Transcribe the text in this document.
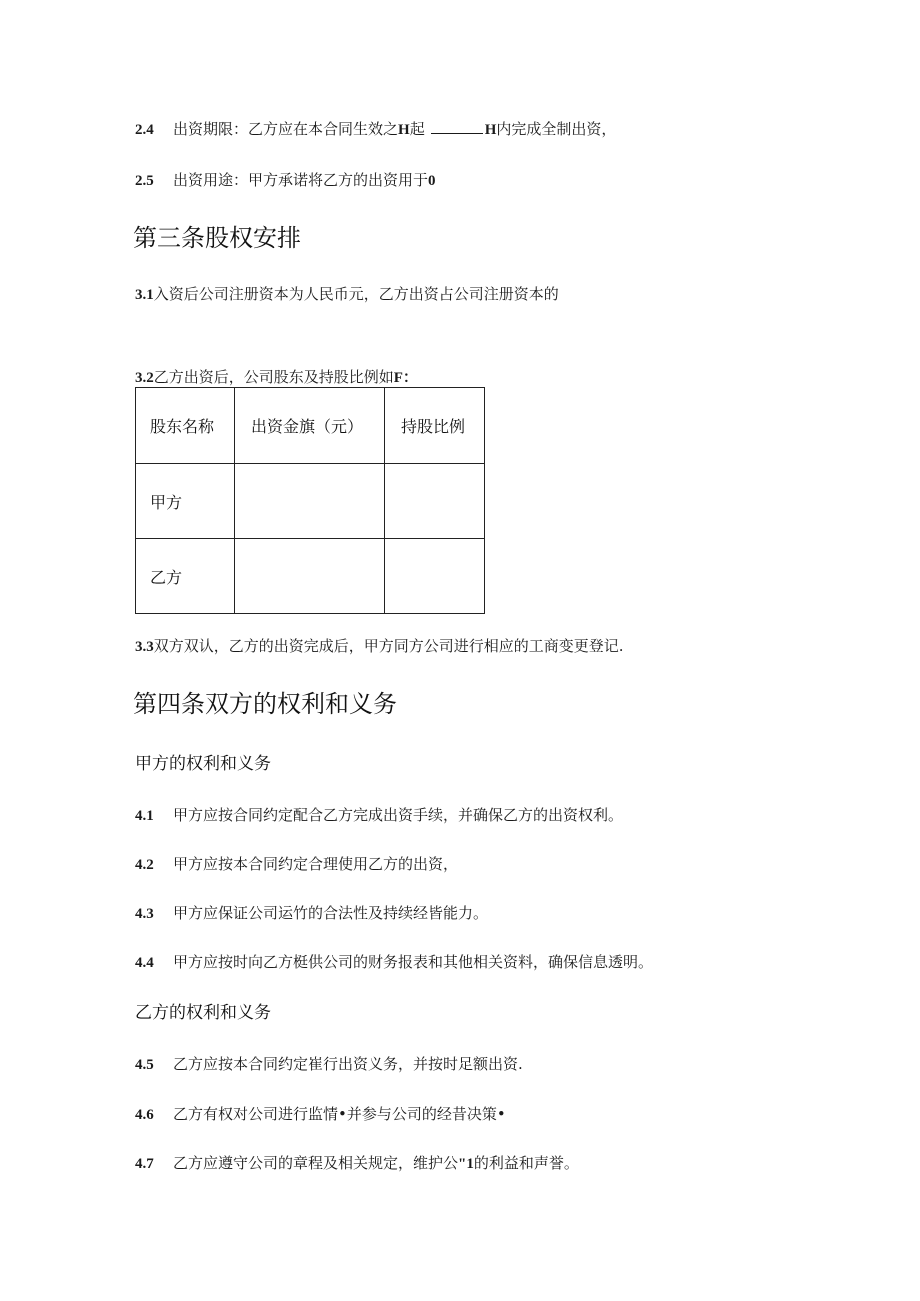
2.4 出资期限：乙方应在本合同生效之H起	H内完成全制出资，
2.5 出资用途：甲方承诺将乙方的出资用于0
第三条股权安排
3.1入资后公司注册资本为人民币元，乙方出资占公司注册资本的
3.2乙方出资后，公司股东及持股比例如F：
股东名称	出资金旗（元）	持股比例
甲方		
乙方		
3.3双方双认，乙方的出资完成后，甲方同方公司进行相应的工商变更登记.
第四条双方的权利和义务
甲方的权利和义务
4.1 甲方应按合同约定配合乙方完成出资手续，并确保乙方的出资权利。
4.2 甲方应按本合同约定合理使用乙方的出资，
4.3 甲方应保证公司运竹的合法性及持续经皆能力。
4.4 甲方应按时向乙方梃供公司的财务报表和其他相关资料，确保信息透明。
乙方的权利和义务
4.5 乙方应按本合同约定崔行出资义务，并按时足额出资.
4.6 乙方有权对公司进行监情•并参与公司的经昔决策•
4.7 乙方应遵守公司的章程及相关规定，维护公"1的利益和声誉。
